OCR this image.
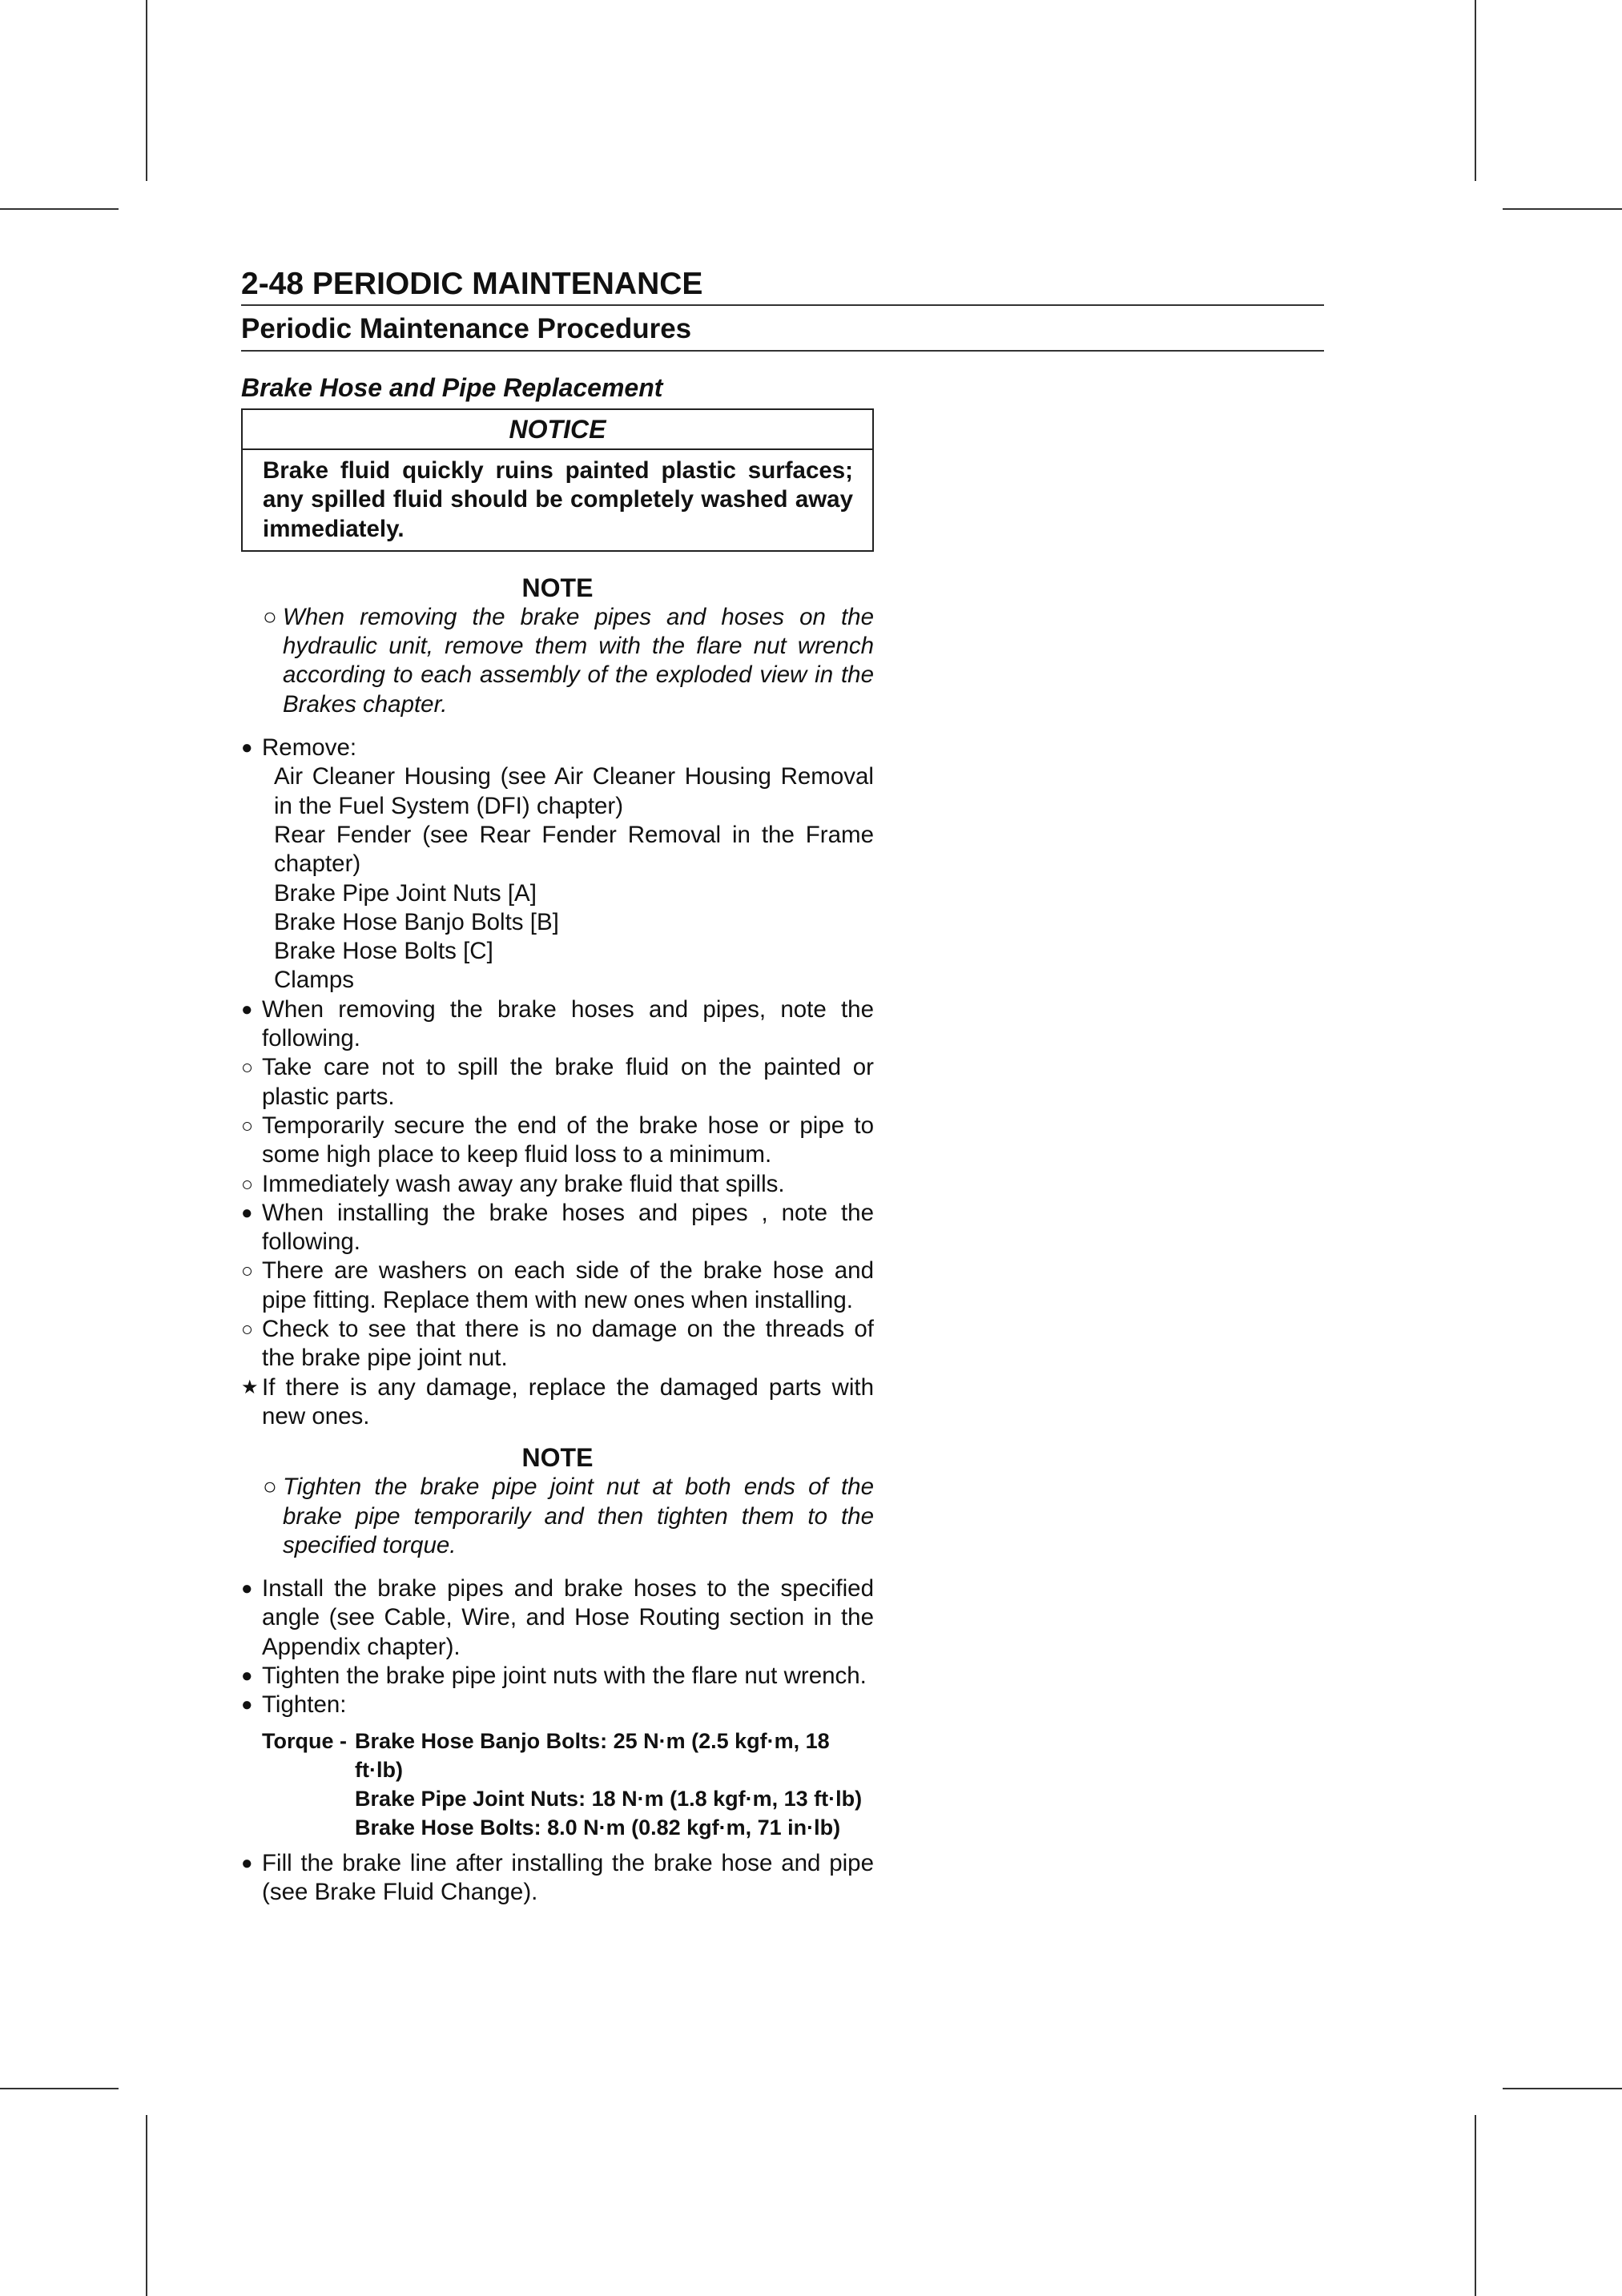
2-48 PERIODIC MAINTENANCE
Periodic Maintenance Procedures
Brake Hose and Pipe Replacement
NOTICE
Brake fluid quickly ruins painted plastic surfaces; any spilled fluid should be completely washed away immediately.
NOTE
○ When removing the brake pipes and hoses on the hydraulic unit, remove them with the flare nut wrench according to each assembly of the exploded view in the Brakes chapter.
● Remove:
Air Cleaner Housing (see Air Cleaner Housing Removal in the Fuel System (DFI) chapter)
Rear Fender (see Rear Fender Removal in the Frame chapter)
Brake Pipe Joint Nuts [A]
Brake Hose Banjo Bolts [B]
Brake Hose Bolts [C]
Clamps
● When removing the brake hoses and pipes, note the following.
○ Take care not to spill the brake fluid on the painted or plastic parts.
○ Temporarily secure the end of the brake hose or pipe to some high place to keep fluid loss to a minimum.
○ Immediately wash away any brake fluid that spills.
● When installing the brake hoses and pipes , note the following.
○ There are washers on each side of the brake hose and pipe fitting. Replace them with new ones when installing.
○ Check to see that there is no damage on the threads of the brake pipe joint nut.
★ If there is any damage, replace the damaged parts with new ones.
NOTE
○ Tighten the brake pipe joint nut at both ends of the brake pipe temporarily and then tighten them to the specified torque.
● Install the brake pipes and brake hoses to the specified angle (see Cable, Wire, and Hose Routing section in the Appendix chapter).
● Tighten the brake pipe joint nuts with the flare nut wrench.
● Tighten:
Torque - Brake Hose Banjo Bolts: 25 N·m (2.5 kgf·m, 18
ft·lb)
Brake Pipe Joint Nuts: 18 N·m (1.8 kgf·m, 13 ft·lb)
Brake Hose Bolts: 8.0 N·m (0.82 kgf·m, 71 in·lb)
● Fill the brake line after installing the brake hose and pipe (see Brake Fluid Change).
